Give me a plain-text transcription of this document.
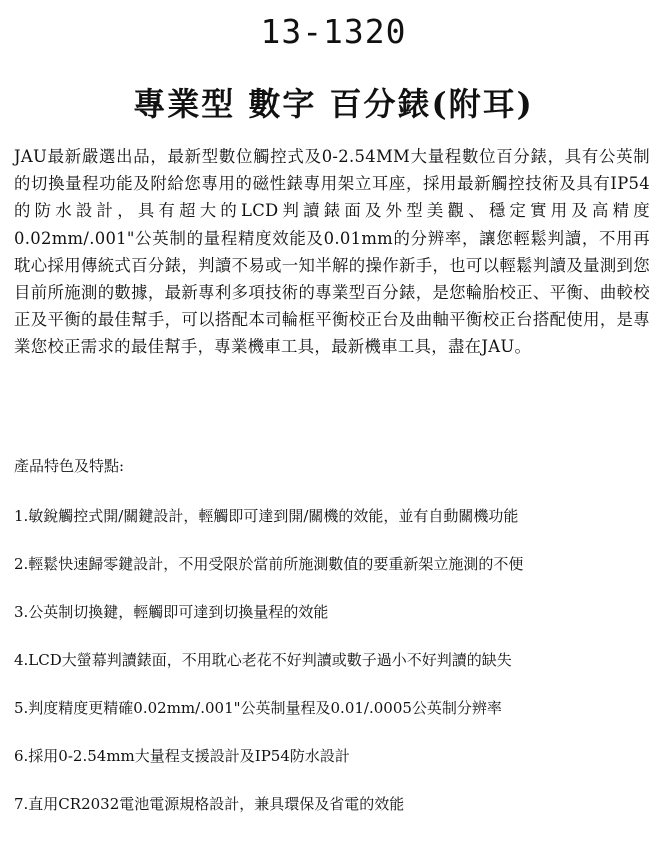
13-1320
專業型 數字 百分錶(附耳)
JAU最新嚴選出品，最新型數位觸控式及0-2.54MM大量程數位百分錶，具有公英制的切換量程功能及附給您專用的磁性錶專用架立耳座，採用最新觸控技術及具有IP54的防水設計，具有超大的LCD判讀錶面及外型美觀、穩定實用及高精度0.02mm/.001"公英制的量程精度效能及0.01mm的分辨率，讓您輕鬆判讀，不用再耽心採用傳統式百分錶，判讀不易或一知半解的操作新手，也可以輕鬆判讀及量測到您目前所施測的數據，最新專利多項技術的專業型百分錶，是您輪胎校正、平衡、曲較校正及平衡的最佳幫手，可以搭配本司輪框平衡校正台及曲軸平衡校正台搭配使用，是專業您校正需求的最佳幫手，專業機車工具，最新機車工具，盡在JAU。
產品特色及特點:
1.敏銳觸控式開/關鍵設計，輕觸即可達到開/關機的效能，並有自動關機功能
2.輕鬆快速歸零鍵設計，不用受限於當前所施測數值的要重新架立施測的不便
3.公英制切換鍵，輕觸即可達到切換量程的效能
4.LCD大螢幕判讀錶面，不用耽心老花不好判讀或數子過小不好判讀的缺失
5.判度精度更精確0.02mm/.001"公英制量程及0.01/.0005公英制分辨率
6.採用0-2.54mm大量程支援設計及IP54防水設計
7.直用CR2032電池電源規格設計，兼具環保及省電的效能
